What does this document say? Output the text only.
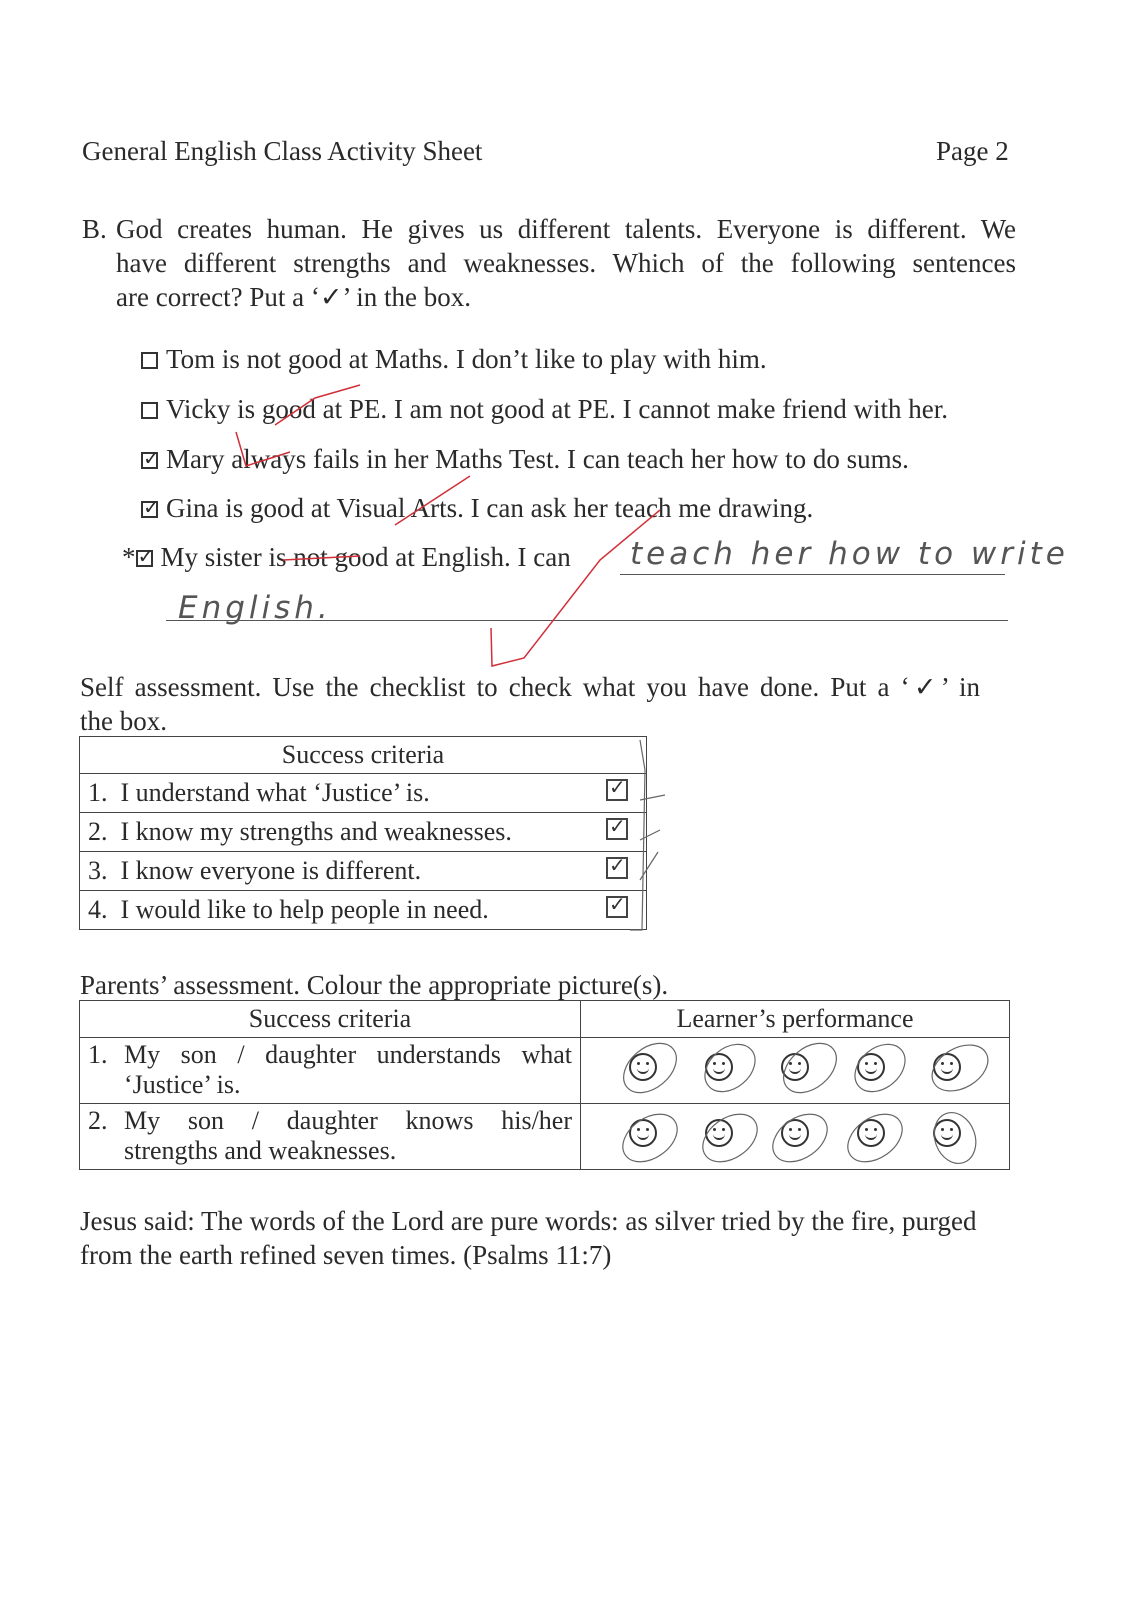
General English Class Activity Sheet	Page 2
B. God creates human. He gives us different talents. Everyone is different. We
have different strengths and weaknesses. Which of the following sentences
are correct? Put a ‘✓’ in the box.
Tom is not good at Maths. I don’t like to play with him.
Vicky is good at PE. I am not good at PE. I cannot make friend with her.
✓Mary always fails in her Maths Test. I can teach her how to do sums.
✓Gina is good at Visual Arts. I can ask her teach me drawing.
* ✓ My sister is not good at English. I can teach her how to write
English.
Self assessment. Use the checklist to check what you have done. Put a ‘✓’ in
the box.
Success criteria	
1. I understand what ‘Justice’ is.	✓
2. I know my strengths and weaknesses.	✓
3. I know everyone is different.	✓
4. I would like to help people in need.	✓
Parents’ assessment. Colour the appropriate picture(s).
Success criteria	Learner’s performance

1. My son / daughter understands what
‘Justice’ is.	

2. My son / daughter knows his/her
strengths and weaknesses.	

Jesus said: The words of the Lord are pure words: as silver tried by the fire, purged
from the earth refined seven times. (Psalms 11:7)
